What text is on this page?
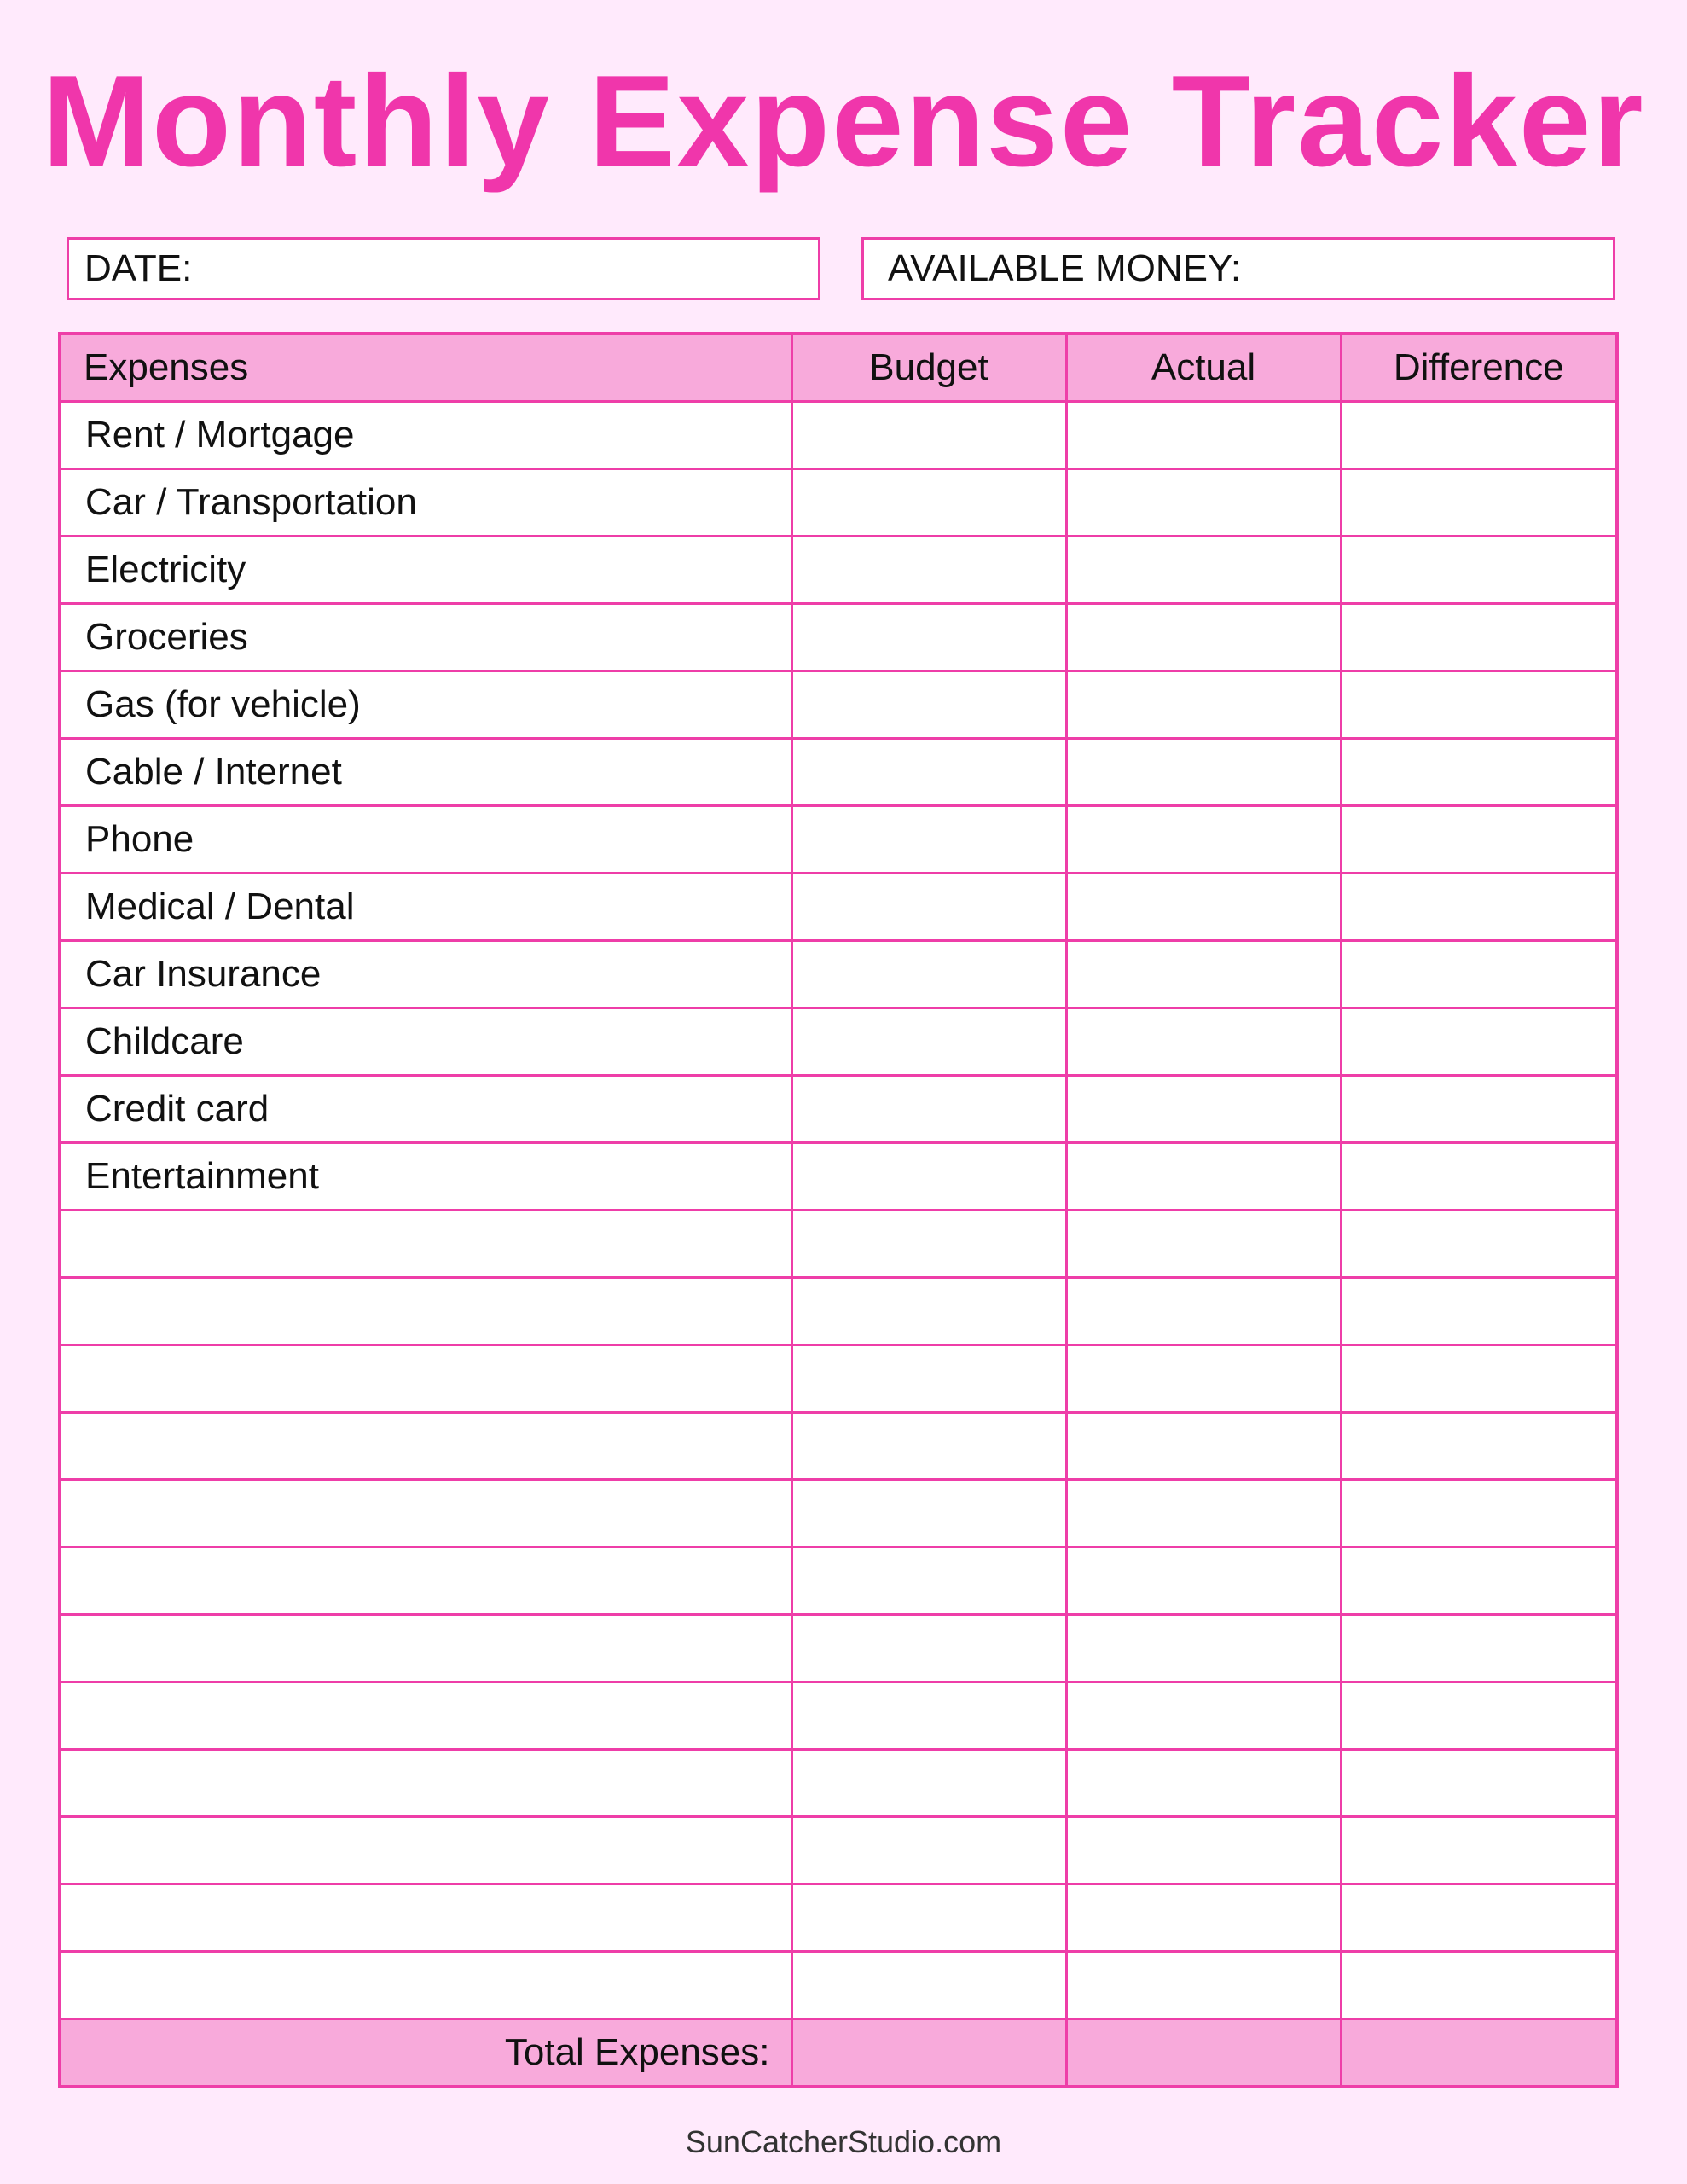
Monthly Expense Tracker
DATE:	AVAILABLE MONEY:
Expenses	Budget	Actual	Difference
Rent / Mortgage			
Car / Transportation			
Electricity			
Groceries			
Gas (for vehicle)			
Cable / Internet			
Phone			
Medical / Dental			
Car Insurance			
Childcare			
Credit card			
Entertainment			

Total Expenses:			
SunCatcherStudio.com
